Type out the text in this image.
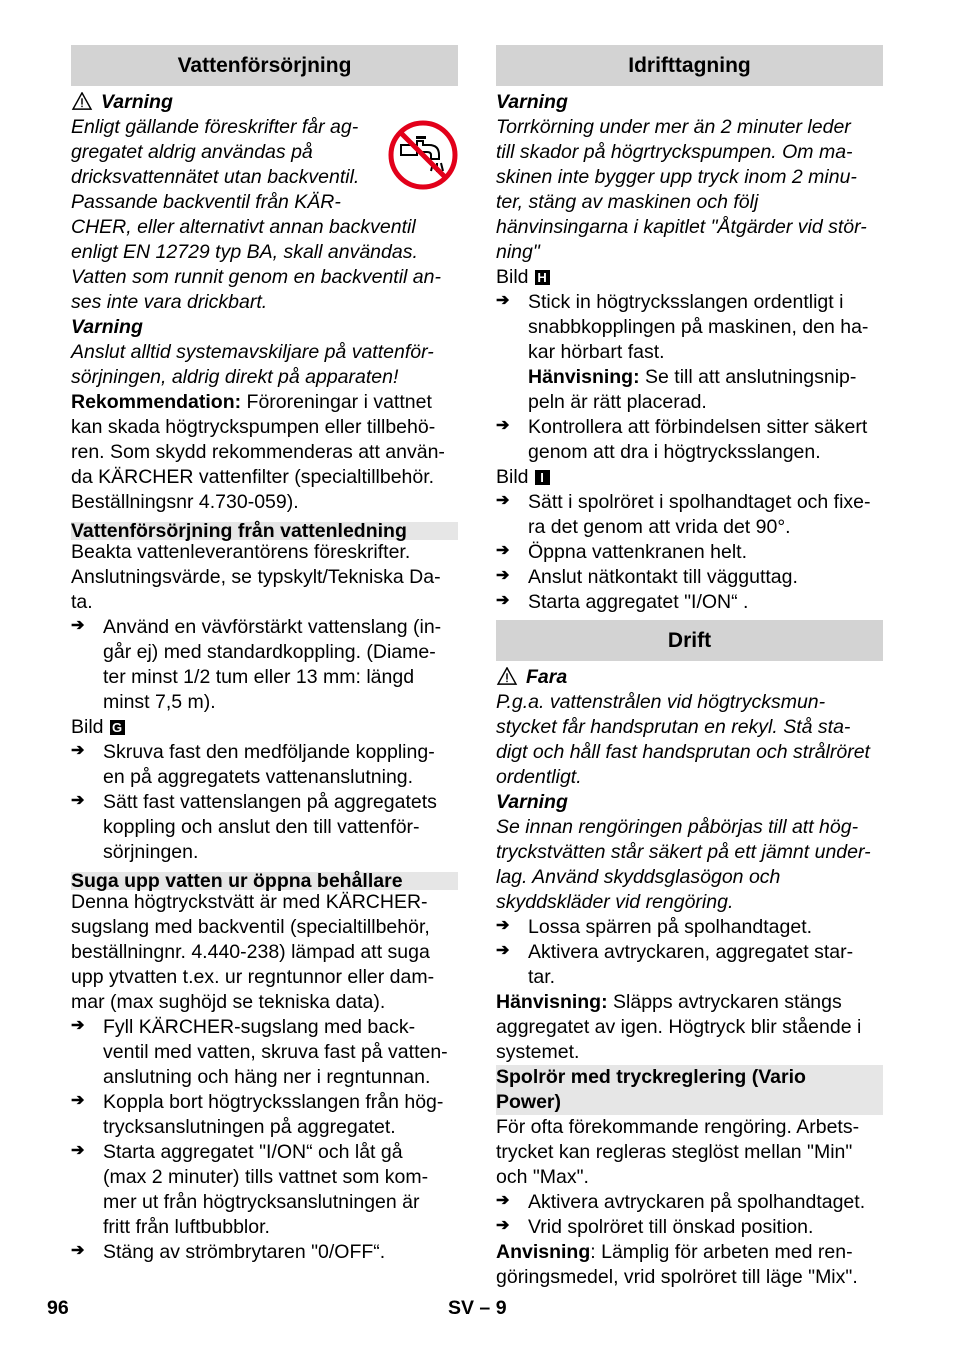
Vattenförsörjning
Varning
Enligt gällande föreskrifter får ag-
gregatet aldrig användas på
dricksvattennätet utan backventil.
Passande backventil från KÄR-
CHER, eller alternativt annan backventil
enligt EN 12729 typ BA, skall användas.
Vatten som runnit genom en backventil an-
ses inte vara drickbart.
Varning
Anslut alltid systemavskiljare på vattenför-
sörjningen, aldrig direkt på apparaten!
Rekommendation: Föroreningar i vattnet
kan skada högtryckspumpen eller tillbehö-
ren. Som skydd rekommenderas att använ-
da KÄRCHER vattenfilter (specialtillbehör.
Beställningsnr 4.730-059).
Vattenförsörjning från vattenledning
Beakta vattenleverantörens föreskrifter.
Anslutningsvärde, se typskylt/Tekniska Da-
ta.
➔ Använd en vävförstärkt vattenslang (in-
går ej) med standardkoppling. (Diame-
ter minst 1/2 tum eller 13 mm: längd
minst 7,5 m).
Bild G
➔ Skruva fast den medföljande koppling-
en på aggregatets vattenanslutning.
➔ Sätt fast vattenslangen på aggregatets
koppling och anslut den till vattenför-
sörjningen.
Suga upp vatten ur öppna behållare
Denna högtryckstvätt är med KÄRCHER-
sugslang med backventil (specialtillbehör,
beställningnr. 4.440-238) lämpad att suga
upp ytvatten t.ex. ur regntunnor eller dam-
mar (max sughöjd se tekniska data).
➔ Fyll KÄRCHER-sugslang med back-
ventil med vatten, skruva fast på vatten-
anslutning och häng ner i regntunnan.
➔ Koppla bort högtrycksslangen från hög-
trycksanslutningen på aggregatet.
➔ Starta aggregatet "I/ON“ och låt gå
(max 2 minuter) tills vattnet som kom-
mer ut från högtrycksanslutningen är
fritt från luftbubblor.
➔ Stäng av strömbrytaren "0/OFF“.
Idrifttagning
Varning
Torrkörning under mer än 2 minuter leder
till skador på högrtryckspumpen. Om ma-
skinen inte bygger upp tryck inom 2 minu-
ter, stäng av maskinen och följ
hänvinsingarna i kapitlet "Åtgärder vid stör-
ning"
Bild H
➔ Stick in högtrycksslangen ordentligt i
snabbkopplingen på maskinen, den ha-
kar hörbart fast.
Hänvisning: Se till att anslutningsnip-
peln är rätt placerad.
➔ Kontrollera att förbindelsen sitter säkert
genom att dra i högtrycksslangen.
Bild I
➔ Sätt i spolröret i spolhandtaget och fixe-
ra det genom att vrida det 90°.
➔ Öppna vattenkranen helt.
➔ Anslut nätkontakt till vägguttag.
➔ Starta aggregatet "I/ON“ .
Drift
Fara
P.g.a. vattenstrålen vid högtrycksmun-
stycket får handsprutan en rekyl. Stå sta-
digt och håll fast handsprutan och strålröret
ordentligt.
Varning
Se innan rengöringen påbörjas till att hög-
tryckstvätten står säkert på ett jämnt under-
lag. Använd skyddsglasögon och
skyddskläder vid rengöring.
➔ Lossa spärren på spolhandtaget.
➔ Aktivera avtryckaren, aggregatet star-
tar.
Hänvisning: Släpps avtryckaren stängs
aggregatet av igen. Högtryck blir stående i
systemet.
Spolrör med tryckreglering (Vario
Power)
För ofta förekommande rengöring. Arbets-
trycket kan regleras steglöst mellan "Min"
och "Max".
➔ Aktivera avtryckaren på spolhandtaget.
➔ Vrid spolröret till önskad position.
Anvisning: Lämplig för arbeten med ren-
göringsmedel, vrid spolröret till läge "Mix".
96	SV – 9
